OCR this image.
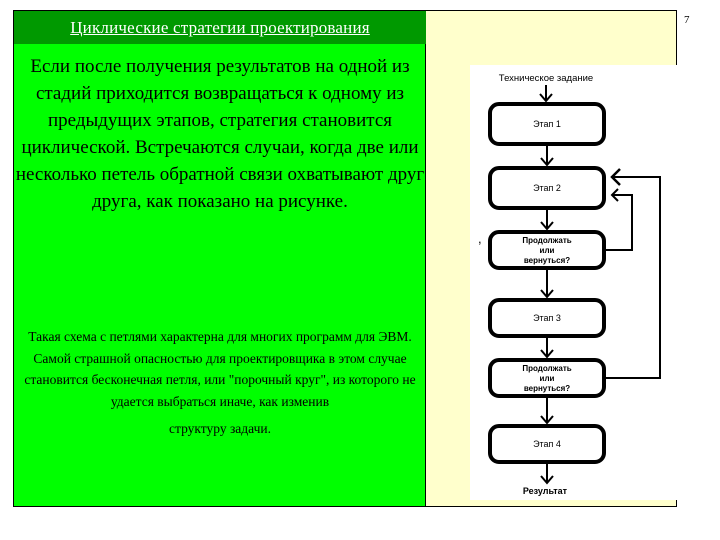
Циклические стратегии проектирования	7
Если после получения результатов на одной из стадий приходится возвращаться к одному из предыдущих этапов, стратегия становится циклической. Встречаются случаи, когда две или несколько петель обратной связи охватывают друг друга, как показано на рисунке.
Такая схема с петлями характерна для многих программ для ЭВМ. Самой страшной опасностью для проектировщика в этом случае становится бесконечная петля, или "порочный круг", из которого не удается выбраться иначе, как изменив
структуру задачи.
Техническое задание
Этап 1
Этап 2
Продолжать
или
вернуться?
,
Этап 3
Продолжать
или
вернуться?
Этап 4
Результат
